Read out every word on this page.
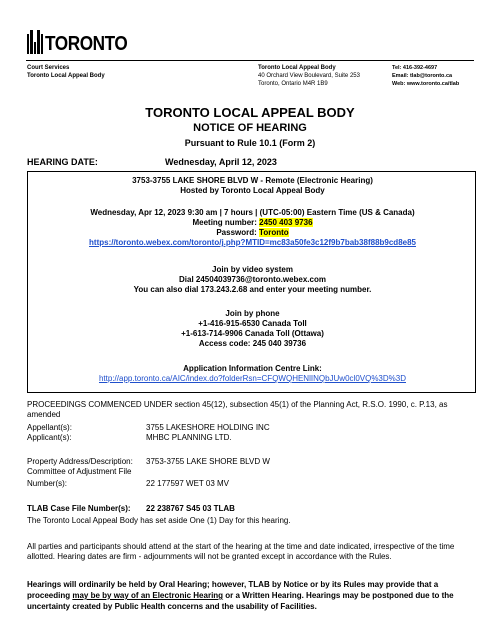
TORONTO
Court Services
Toronto Local Appeal Body
Toronto Local Appeal Body
40 Orchard View Boulevard, Suite 253
Toronto, Ontario M4R 1B9
Tel: 416-392-4697
Email: tlab@toronto.ca
Web: www.toronto.ca/tlab
TORONTO LOCAL APPEAL BODY
NOTICE OF HEARING
Pursuant to Rule 10.1 (Form 2)
HEARING DATE:	Wednesday, April 12, 2023
3753-3755 LAKE SHORE BLVD W - Remote (Electronic Hearing)
Hosted by Toronto Local Appeal Body
Wednesday, Apr 12, 2023 9:30 am | 7 hours | (UTC-05:00) Eastern Time (US & Canada)
Meeting number: 2450 403 9736
Password: Toronto
https://toronto.webex.com/toronto/j.php?MTID=mc83a50fe3c12f9b7bab38f88b9cd8e85
Join by video system
Dial 24504039736@toronto.webex.com
You can also dial 173.243.2.68 and enter your meeting number.
Join by phone
+1-416-915-6530 Canada Toll
+1-613-714-9906 Canada Toll (Ottawa)
Access code: 245 040 39736
Application Information Centre Link:
http://app.toronto.ca/AIC/index.do?folderRsn=CFQWQHENlINQbJUw0cl0VQ%3D%3D
PROCEEDINGS COMMENCED UNDER section 45(12), subsection 45(1) of the Planning Act, R.S.O. 1990, c. P.13, as amended
Appellant(s):	3755 LAKESHORE HOLDING INC
Applicant(s):	MHBC PLANNING LTD.
Property Address/Description: 3753-3755 LAKE SHORE BLVD W
Committee of Adjustment File
Number(s):	22 177597 WET 03 MV
TLAB Case File Number(s): 22 238767 S45 03 TLAB
The Toronto Local Appeal Body has set aside One (1) Day for this hearing.
All parties and participants should attend at the start of the hearing at the time and date indicated, irrespective of the time allotted. Hearing dates are firm - adjournments will not be granted except in accordance with the Rules.
Hearings will ordinarily be held by Oral Hearing; however, TLAB by Notice or by its Rules may provide that a proceeding may be by way of an Electronic Hearing or a Written Hearing. Hearings may be postponed due to the uncertainty created by Public Health concerns and the usability of Facilities.
